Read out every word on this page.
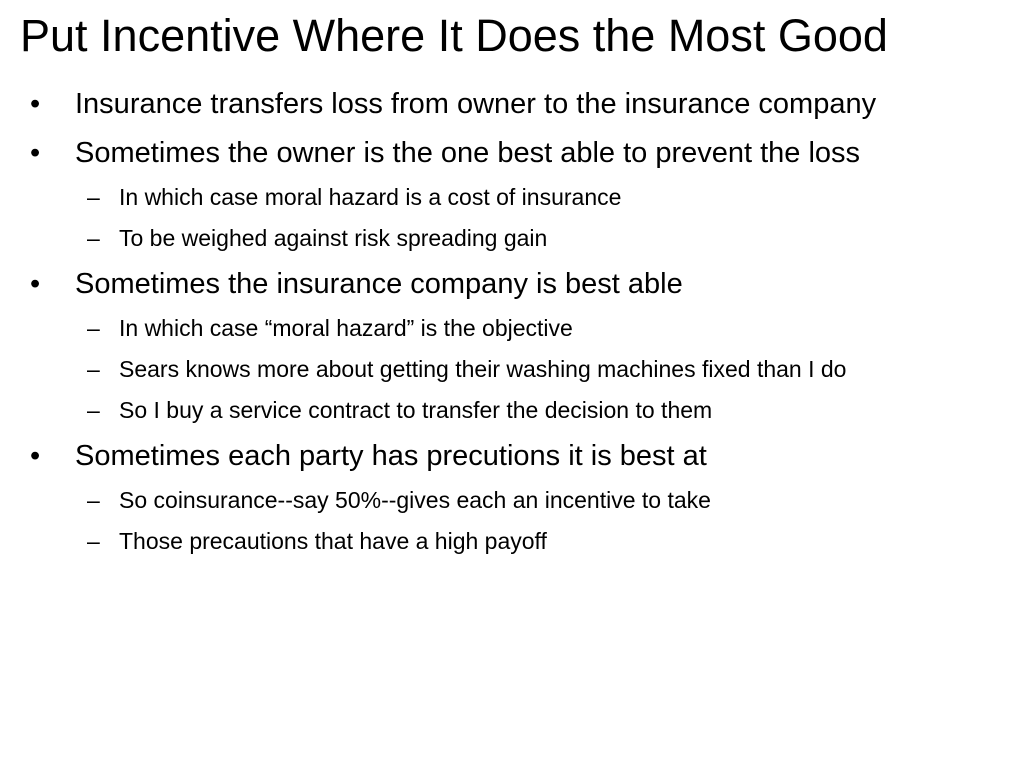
Put Incentive Where It Does the Most Good
• Insurance transfers loss from owner to the insurance company
• Sometimes the owner is the one best able to prevent the loss
– In which case moral hazard is a cost of insurance
– To be weighed against risk spreading gain
• Sometimes the insurance company is best able
– In which case “moral hazard” is the objective
– Sears knows more about getting their washing machines fixed than I do
– So I buy a service contract to transfer the decision to them
• Sometimes each party has precutions it is best at
– So coinsurance--say 50%--gives each an incentive to take
– Those precautions that have a high payoff
